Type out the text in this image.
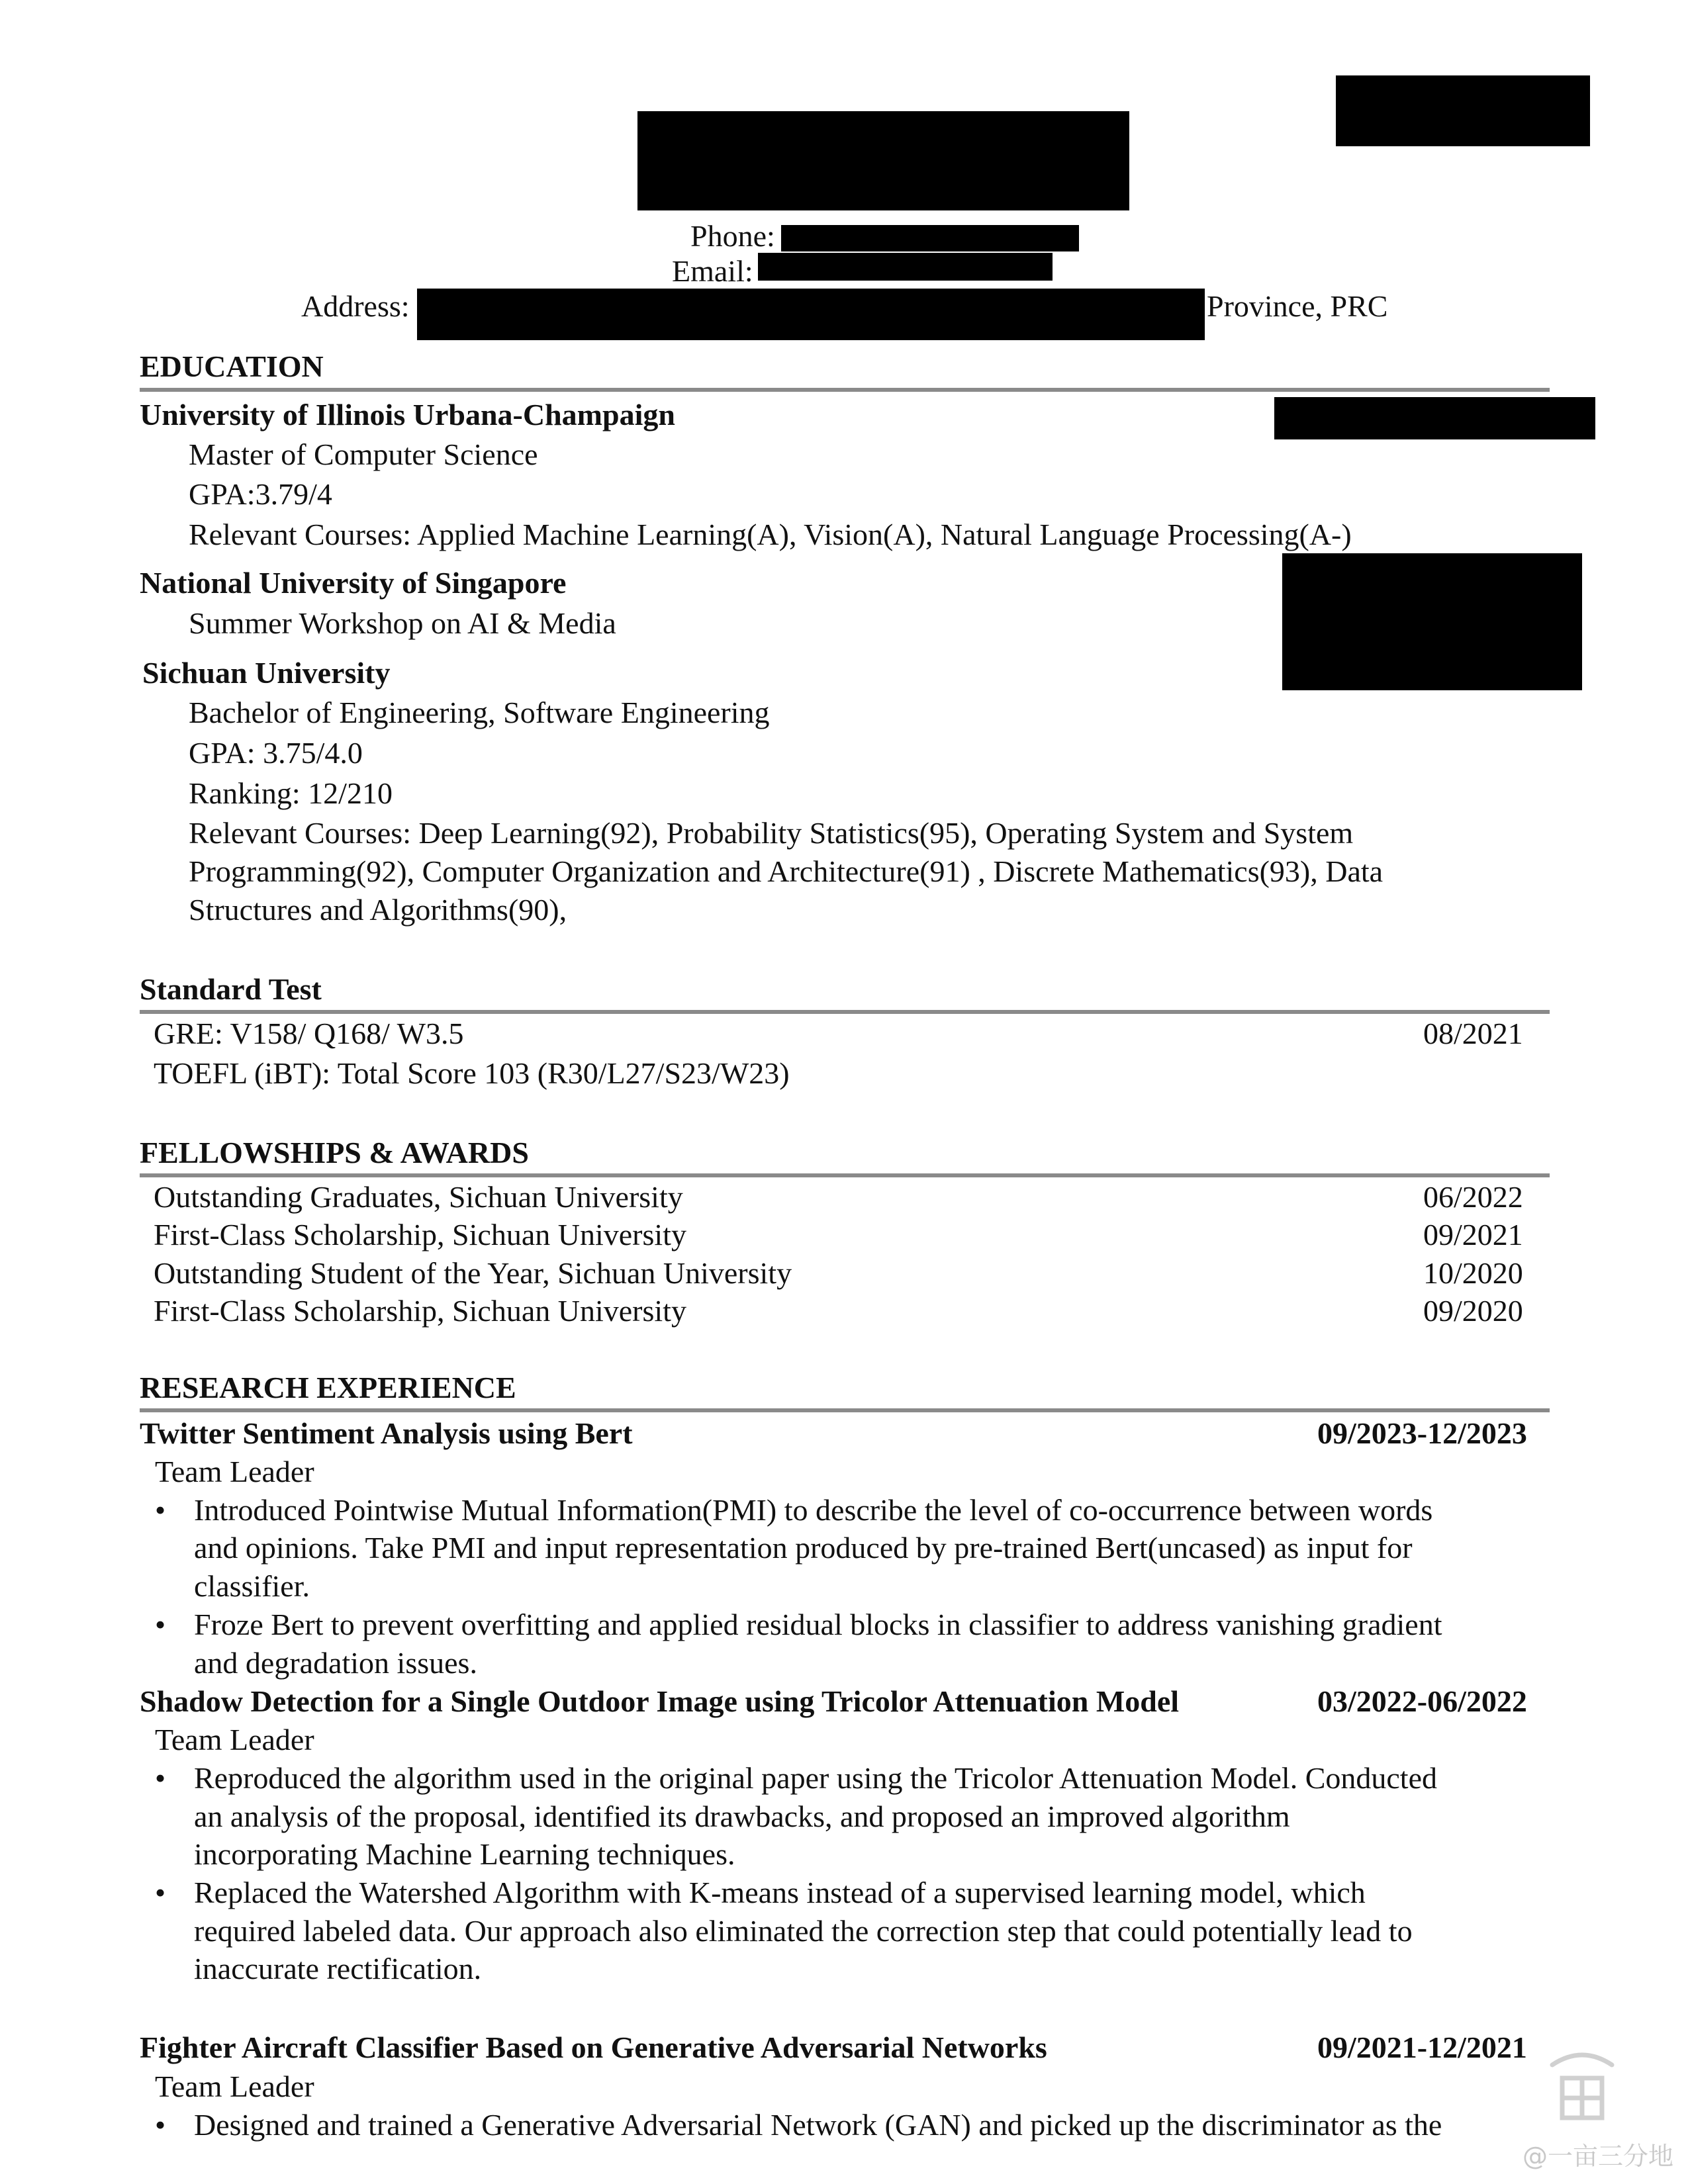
Phone:
Email:
Address:	Province, PRC
EDUCATION
University of Illinois Urbana-Champaign
Master of Computer Science
GPA:3.79/4
Relevant Courses: Applied Machine Learning(A), Vision(A), Natural Language Processing(A-)
National University of Singapore
Summer Workshop on AI & Media
Sichuan University
Bachelor of Engineering, Software Engineering
GPA: 3.75/4.0
Ranking: 12/210
Relevant Courses: Deep Learning(92), Probability Statistics(95), Operating System and System
Programming(92), Computer Organization and Architecture(91) , Discrete Mathematics(93), Data
Structures and Algorithms(90),
Standard Test
GRE: V158/ Q168/ W3.5	08/2021
TOEFL (iBT): Total Score 103 (R30/L27/S23/W23)
FELLOWSHIPS & AWARDS
Outstanding Graduates, Sichuan University	06/2022
First-Class Scholarship, Sichuan University	09/2021
Outstanding Student of the Year, Sichuan University	10/2020
First-Class Scholarship, Sichuan University	09/2020
RESEARCH EXPERIENCE
Twitter Sentiment Analysis using Bert	09/2023-12/2023
Team Leader
• Introduced Pointwise Mutual Information(PMI) to describe the level of co-occurrence between words
and opinions. Take PMI and input representation produced by pre-trained Bert(uncased) as input for
classifier.
• Froze Bert to prevent overfitting and applied residual blocks in classifier to address vanishing gradient
and degradation issues.
Shadow Detection for a Single Outdoor Image using Tricolor Attenuation Model	03/2022-06/2022
Team Leader
• Reproduced the algorithm used in the original paper using the Tricolor Attenuation Model. Conducted
an analysis of the proposal, identified its drawbacks, and proposed an improved algorithm
incorporating Machine Learning techniques.
• Replaced the Watershed Algorithm with K-means instead of a supervised learning model, which
required labeled data. Our approach also eliminated the correction step that could potentially lead to
inaccurate rectification.
Fighter Aircraft Classifier Based on Generative Adversarial Networks	09/2021-12/2021
Team Leader
• Designed and trained a Generative Adversarial Network (GAN) and picked up the discriminator as the
@一亩三分地
